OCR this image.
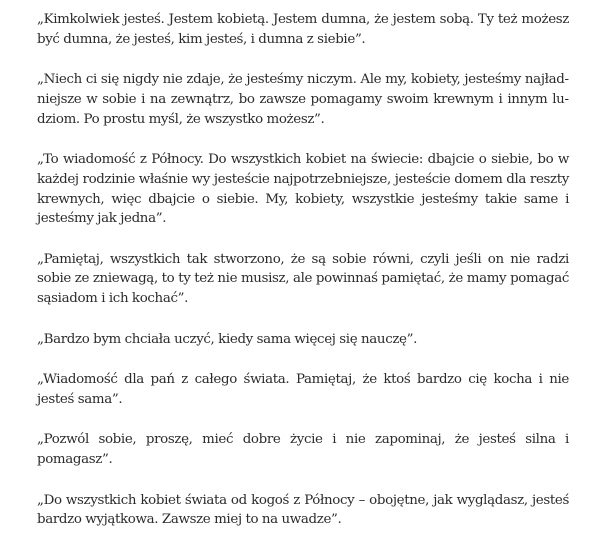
„Kimkolwiek jesteś. Jestem kobietą. Jestem dumna, że jestem sobą. Ty też możesz być dumna, że jesteś, kim jesteś, i dumna z siebie”.

„Niech ci się nigdy nie zdaje, że jesteśmy niczym. Ale my, kobiety, jesteśmy najładniejsze w sobie i na zewnątrz, bo zawsze pomagamy swoim krewnym i innym ludziom. Po prostu myśl, że wszystko możesz”.

„To wiadomość z Północy. Do wszystkich kobiet na świecie: dbajcie o siebie, bo w każdej rodzinie właśnie wy jesteście najpotrzebniejsze, jesteście domem dla reszty krewnych, więc dbajcie o siebie. My, kobiety, wszystkie jesteśmy takie same i jesteśmy jak jedna”.

„Pamiętaj, wszystkich tak stworzono, że są sobie równi, czyli jeśli on nie radzi sobie ze zniewagą, to ty też nie musisz, ale powinnaś pamiętać, że mamy pomagać sąsiadom i ich kochać”.

„Bardzo bym chciała uczyć, kiedy sama więcej się nauczę”.

„Wiadomość dla pań z całego świata. Pamiętaj, że ktoś bardzo cię kocha i nie jesteś sama”.

„Pozwól sobie, proszę, mieć dobre życie i nie zapominaj, że jesteś silna i pomagasz”.

„Do wszystkich kobiet świata od kogoś z Północy – obojętne, jak wyglądasz, jesteś bardzo wyjątkowa. Zawsze miej to na uwadze”.
